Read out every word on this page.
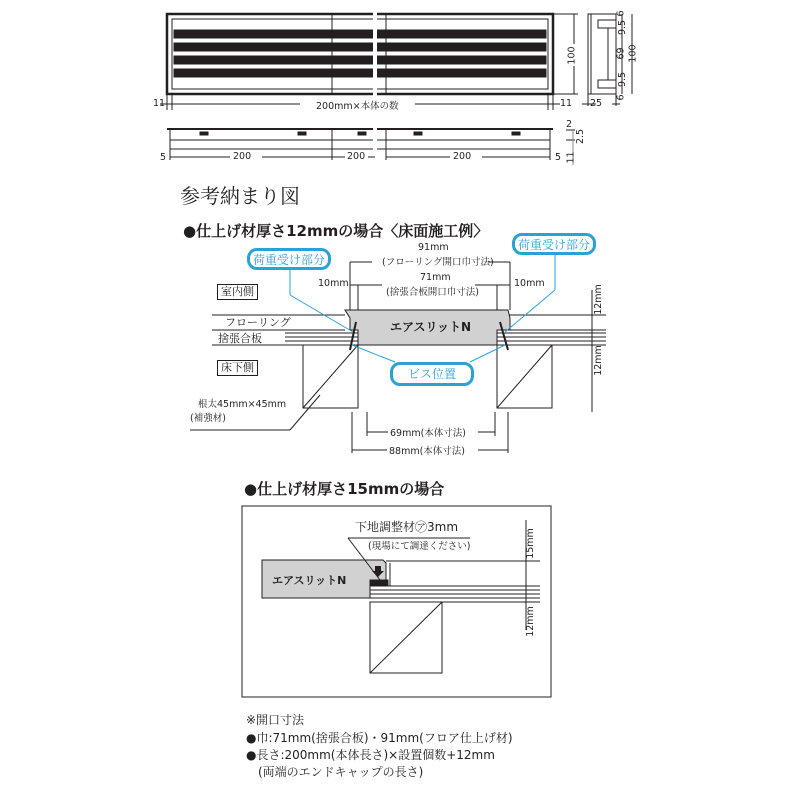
11	200mm×本体の数	11
100
25
6
9.5
69
9.5
6
100
5	200	200	200	5
2
2.5
11
参考納まり図
●仕上げ材厚さ12mmの場合〈床面施工例〉
荷重受け部分
荷重受け部分
ビス位置
91mm
(フローリング開口巾寸法)
71mm
(捨張合板開口巾寸法)
10mm	10mm
室内側
フローリング
捨張合板
床下側
エアスリットN
根太45mm×45mm
(補強材)
69mm(本体寸法)
88mm(本体寸法)
12mm
12mm
●仕上げ材厚さ15mmの場合
下地調整材㋐3mm
(現場にて調達ください)
エアスリットN
15mm
12mm
※開口寸法
●巾:71mm(捨張合板)・91mm(フロア仕上げ材)
●長さ:200mm(本体長さ)×設置個数+12mm
(両端のエンドキャップの長さ)
